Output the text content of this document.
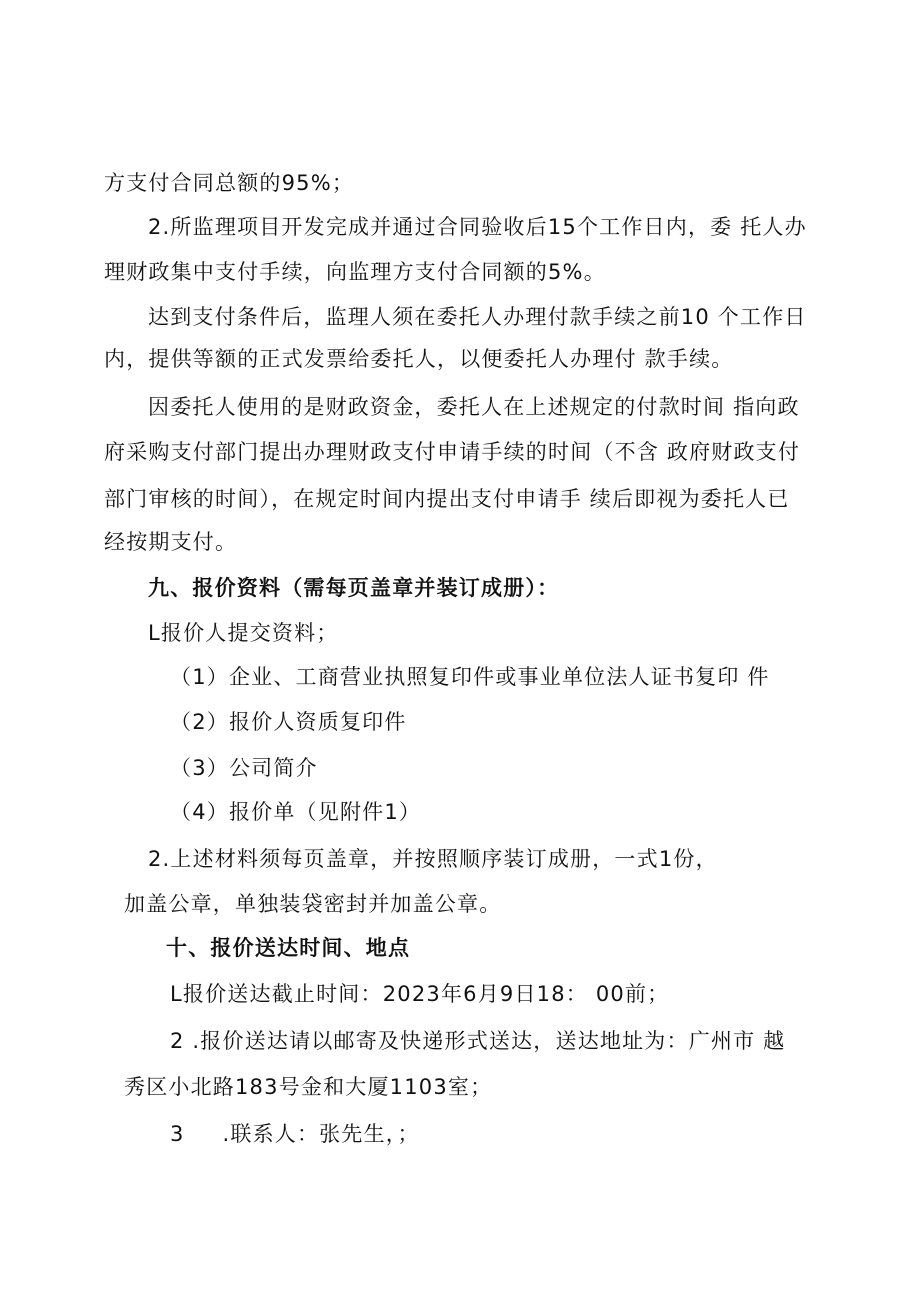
方支付合同总额的95%；
2.所监理项目开发完成并通过合同验收后15个工作日内，委 托人办
理财政集中支付手续，向监理方支付合同额的5%。
达到支付条件后，监理人须在委托人办理付款手续之前10 个工作日
内，提供等额的正式发票给委托人，以便委托人办理付 款手续。
因委托人使用的是财政资金，委托人在上述规定的付款时间 指向政
府采购支付部门提出办理财政支付申请手续的时间（不含 政府财政支付
部门审核的时间），在规定时间内提出支付申请手 续后即视为委托人已
经按期支付。
九、报价资料（需每页盖章并装订成册）：
L报价人提交资料；
（1）企业、工商营业执照复印件或事业单位法人证书复印 件
（2）报价人资质复印件
（3）公司简介
（4）报价单（见附件1）
2.上述材料须每页盖章，并按照顺序装订成册，一式1份，
加盖公章，单独装袋密封并加盖公章。
十、报价送达时间、地点
L报价送达截止时间：2023年6月9日18： 00前；
2 .报价送达请以邮寄及快递形式送达，送达地址为：广州市 越
秀区小北路183号金和大厦1103室；
3 　 .联系人：张先生，；
